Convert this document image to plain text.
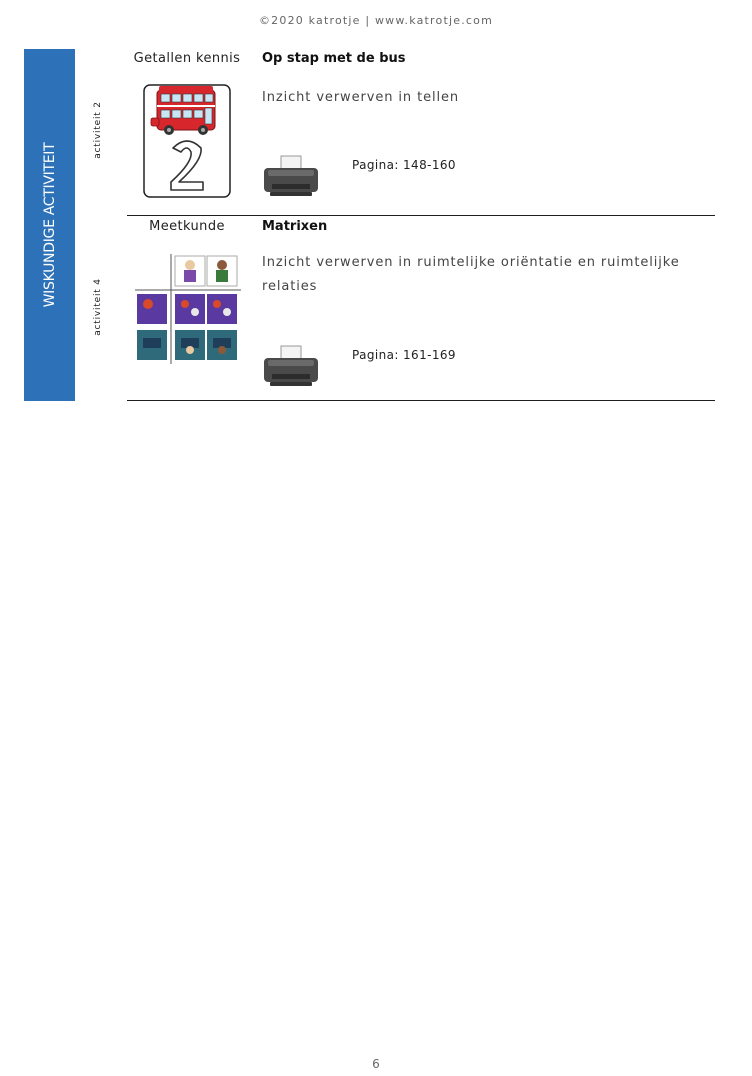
©2020 katrotje | www.katrotje.com
WISKUNDIGE ACTIVITEIT
activiteit 2
Getallen kennis	Op stap met de bus
Inzicht verwerven in tellen
Pagina: 148-160
activiteit 4
Meetkunde	Matrixen
Inzicht verwerven in ruimtelijke oriëntatie en ruimtelijke relaties
Pagina: 161-169
6
